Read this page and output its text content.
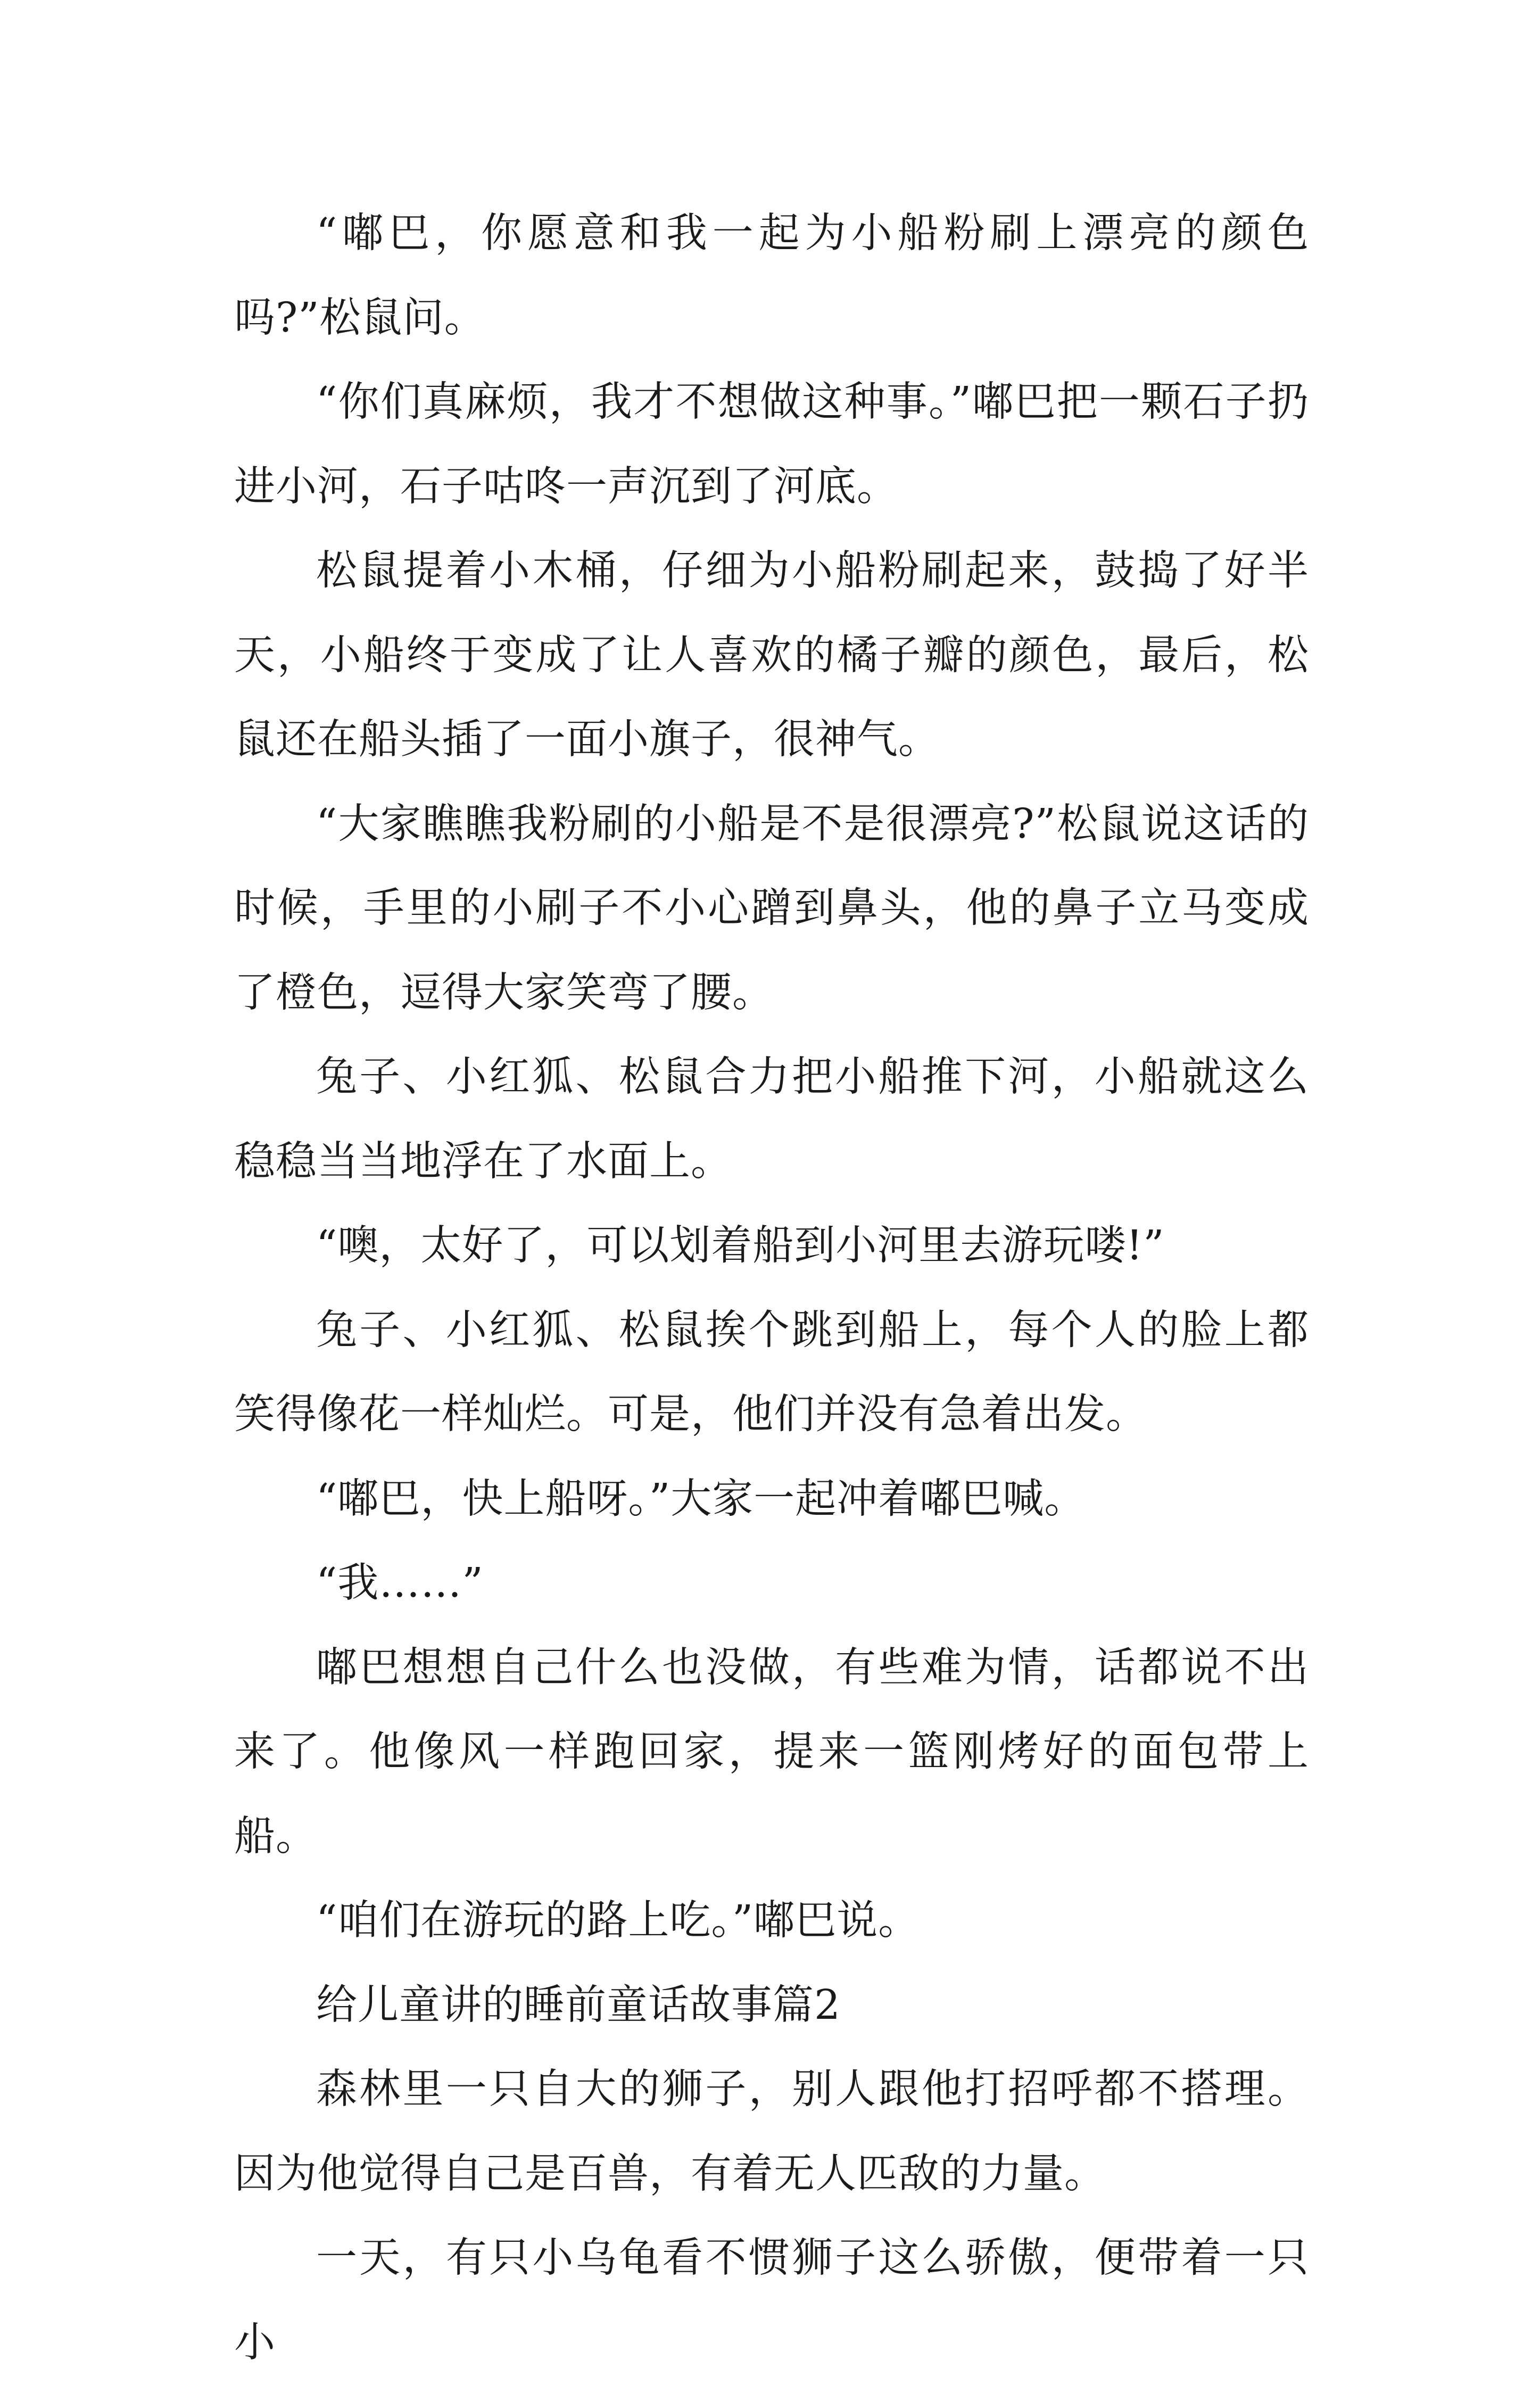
“嘟巴，你愿意和我一起为小船粉刷上漂亮的颜色吗?”松鼠问。

“你们真麻烦，我才不想做这种事。”嘟巴把一颗石子扔进小河，石子咕咚一声沉到了河底。

松鼠提着小木桶，仔细为小船粉刷起来，鼓捣了好半天，小船终于变成了让人喜欢的橘子瓣的颜色，最后，松鼠还在船头插了一面小旗子，很神气。

“大家瞧瞧我粉刷的小船是不是很漂亮?”松鼠说这话的时候，手里的小刷子不小心蹭到鼻头，他的鼻子立马变成了橙色，逗得大家笑弯了腰。

兔子、小红狐、松鼠合力把小船推下河，小船就这么稳稳当当地浮在了水面上。

“噢，太好了，可以划着船到小河里去游玩喽!”

兔子、小红狐、松鼠挨个跳到船上，每个人的脸上都笑得像花一样灿烂。可是，他们并没有急着出发。

“嘟巴，快上船呀。”大家一起冲着嘟巴喊。

“我……”

嘟巴想想自己什么也没做，有些难为情，话都说不出来了。他像风一样跑回家，提来一篮刚烤好的面包带上船。

“咱们在游玩的路上吃。”嘟巴说。

给儿童讲的睡前童话故事篇2

森林里一只自大的狮子，别人跟他打招呼都不搭理。因为他觉得自己是百兽，有着无人匹敌的力量。

一天，有只小乌龟看不惯狮子这么骄傲，便带着一只小
